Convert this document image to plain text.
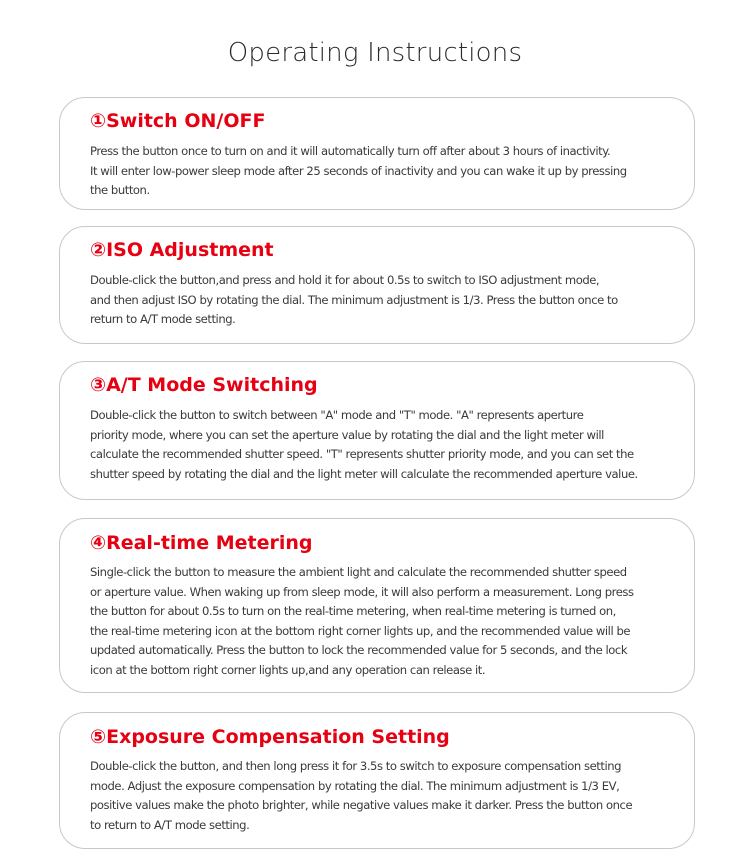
Operating Instructions
①Switch ON/OFF
Press the button once to turn on and it will automatically turn off after about 3 hours of inactivity.
It will enter low-power sleep mode after 25 seconds of inactivity and you can wake it up by pressing
the button.
②ISO Adjustment
Double-click the button,and press and hold it for about 0.5s to switch to ISO adjustment mode,
and then adjust ISO by rotating the dial. The minimum adjustment is 1/3. Press the button once to
return to A/T mode setting.
③A/T Mode Switching
Double-click the button to switch between "A" mode and "T" mode. "A" represents aperture
priority mode, where you can set the aperture value by rotating the dial and the light meter will
calculate the recommended shutter speed. "T" represents shutter priority mode, and you can set the
shutter speed by rotating the dial and the light meter will calculate the recommended aperture value.
④Real-time Metering
Single-click the button to measure the ambient light and calculate the recommended shutter speed
or aperture value. When waking up from sleep mode, it will also perform a measurement. Long press
the button for about 0.5s to turn on the real-time metering, when real-time metering is turned on,
the real-time metering icon at the bottom right corner lights up, and the recommended value will be
updated automatically. Press the button to lock the recommended value for 5 seconds, and the lock
icon at the bottom right corner lights up,and any operation can release it.
⑤Exposure Compensation Setting
Double-click the button, and then long press it for 3.5s to switch to exposure compensation setting
mode. Adjust the exposure compensation by rotating the dial. The minimum adjustment is 1/3 EV,
positive values make the photo brighter, while negative values make it darker. Press the button once
to return to A/T mode setting.
